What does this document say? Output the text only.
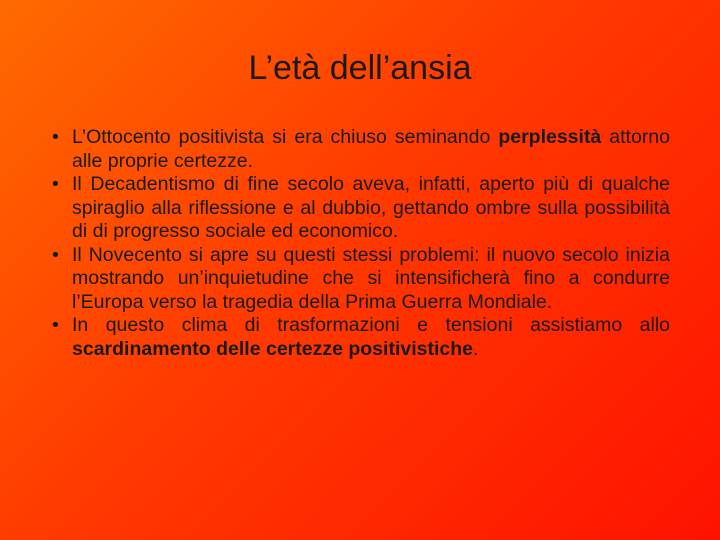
L’età dell’ansia
• L’Ottocento positivista si era chiuso seminando perplessità attorno alle proprie certezze.
• Il Decadentismo di fine secolo aveva, infatti, aperto più di qualche spiraglio alla riflessione e al dubbio, gettando ombre sulla possibilità di di progresso sociale ed economico.
• Il Novecento si apre su questi stessi problemi: il nuovo secolo inizia mostrando un’inquietudine che si intensificherà fino a condurre l’Europa verso la tragedia della Prima Guerra Mondiale.
• In questo clima di trasformazioni e tensioni assistiamo allo scardinamento delle certezze positivistiche.
